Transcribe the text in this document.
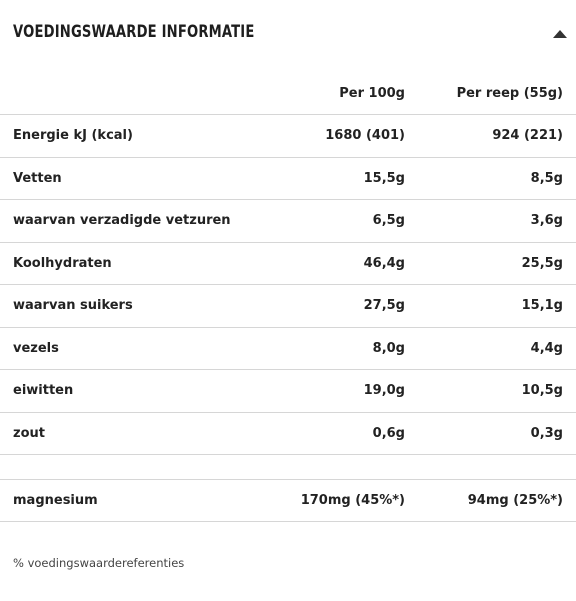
VOEDINGSWAARDE INFORMATIE
	Per 100g	Per reep (55g)
Energie kJ (kcal)	1680 (401)	924 (221)
Vetten	15,5g	8,5g
waarvan verzadigde vetzuren	6,5g	3,6g
Koolhydraten	46,4g	25,5g
waarvan suikers	27,5g	15,1g
vezels	8,0g	4,4g
eiwitten	19,0g	10,5g
zout	0,6g	0,3g

magnesium	170mg (45%*)	94mg (25%*)
% voedingswaardereferenties
